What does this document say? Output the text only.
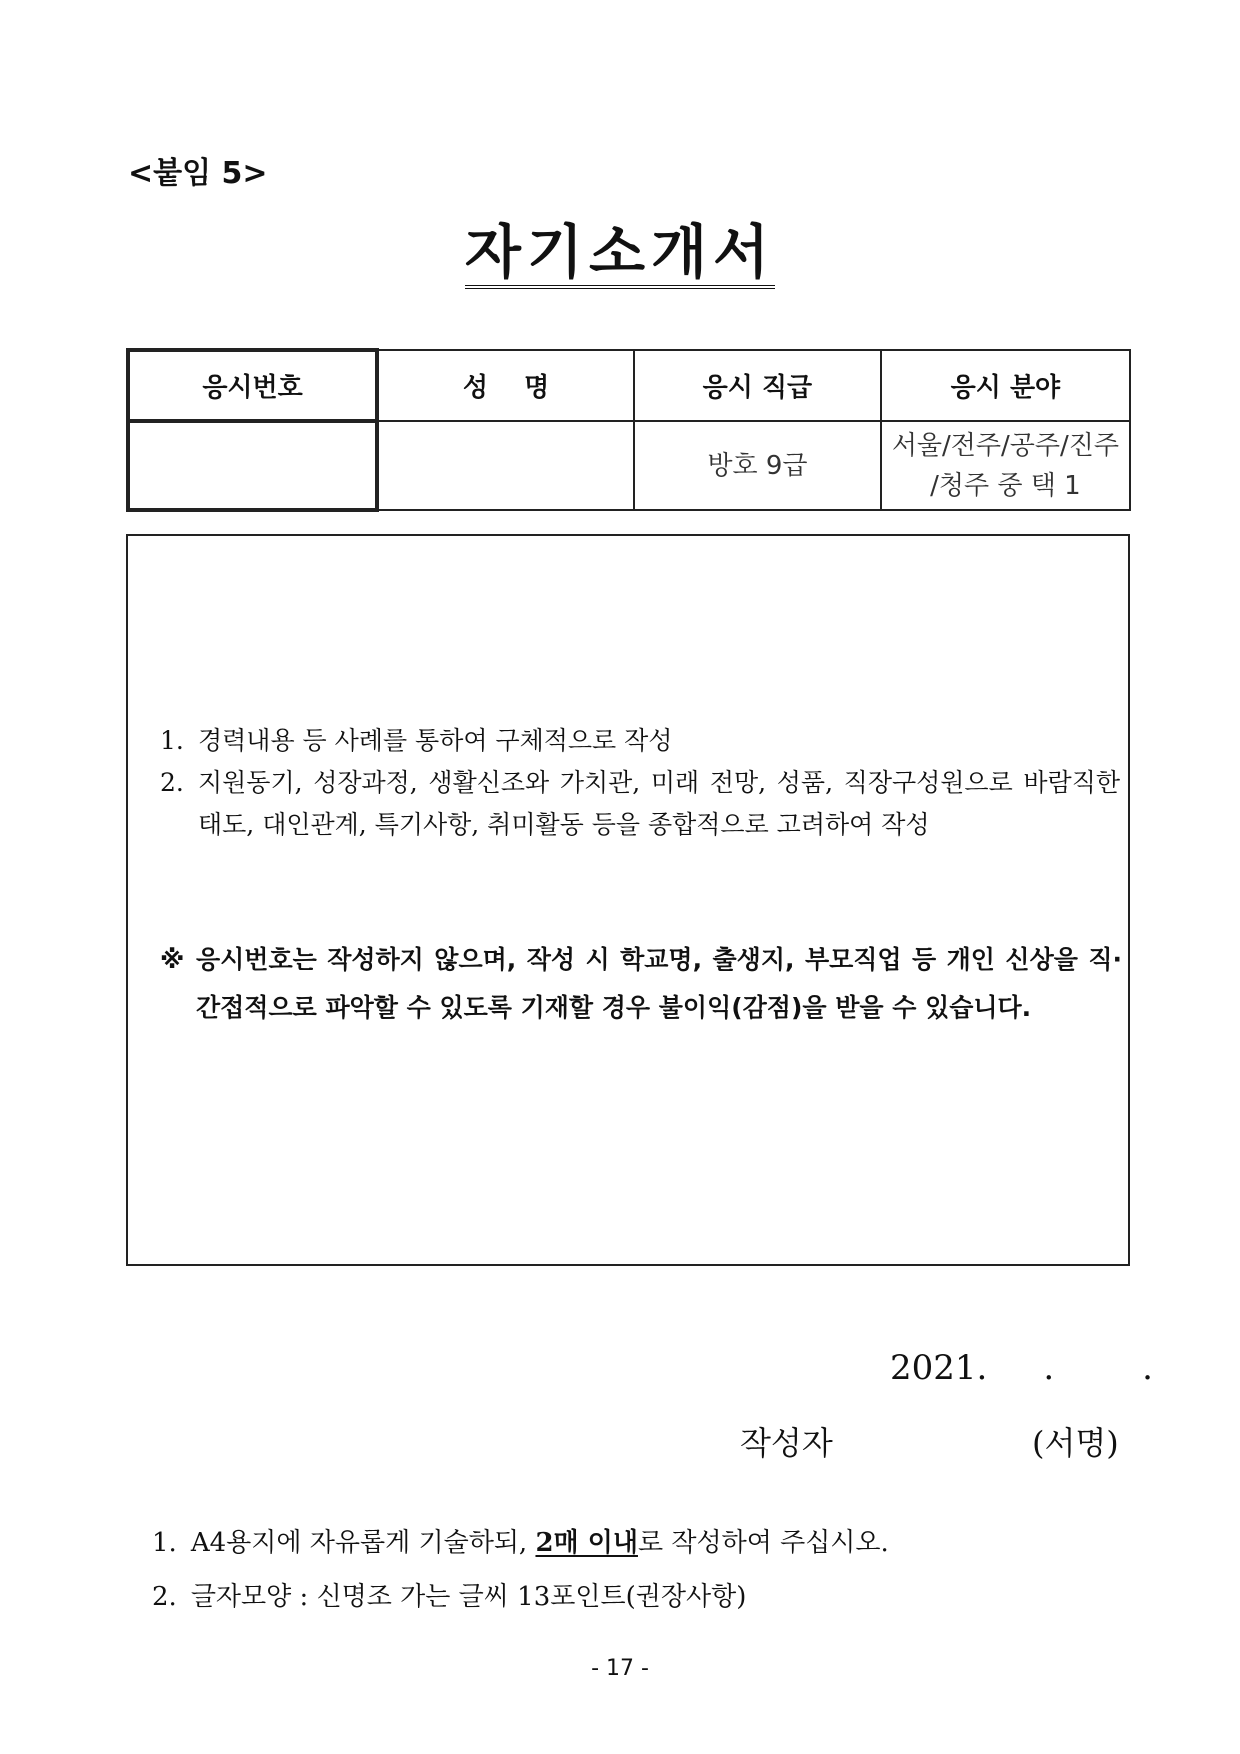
<붙임 5>
자기소개서
응시번호	성    명	응시 직급	응시 분야
		방호 9급	서울/전주/공주/진주
/청주 중 택 1
1. 경력내용 등 사례를 통하여 구체적으로 작성
2. 지원동기, 성장과정, 생활신조와 가치관, 미래 전망, 성품, 직장구성원으로 바람직한 태도, 대인관계, 특기사항, 취미활동 등을 종합적으로 고려하여 작성
※ 응시번호는 작성하지 않으며, 작성 시 학교명, 출생지, 부모직업 등 개인 신상을 직·간접적으로 파악할 수 있도록 기재할 경우 불이익(감점)을 받을 수 있습니다.
2021. .	.
작성자	(서명)
1. A4용지에 자유롭게 기술하되, 2매 이내로 작성하여 주십시오.
2. 글자모양 : 신명조 가는 글씨 13포인트(권장사항)
- 17 -
